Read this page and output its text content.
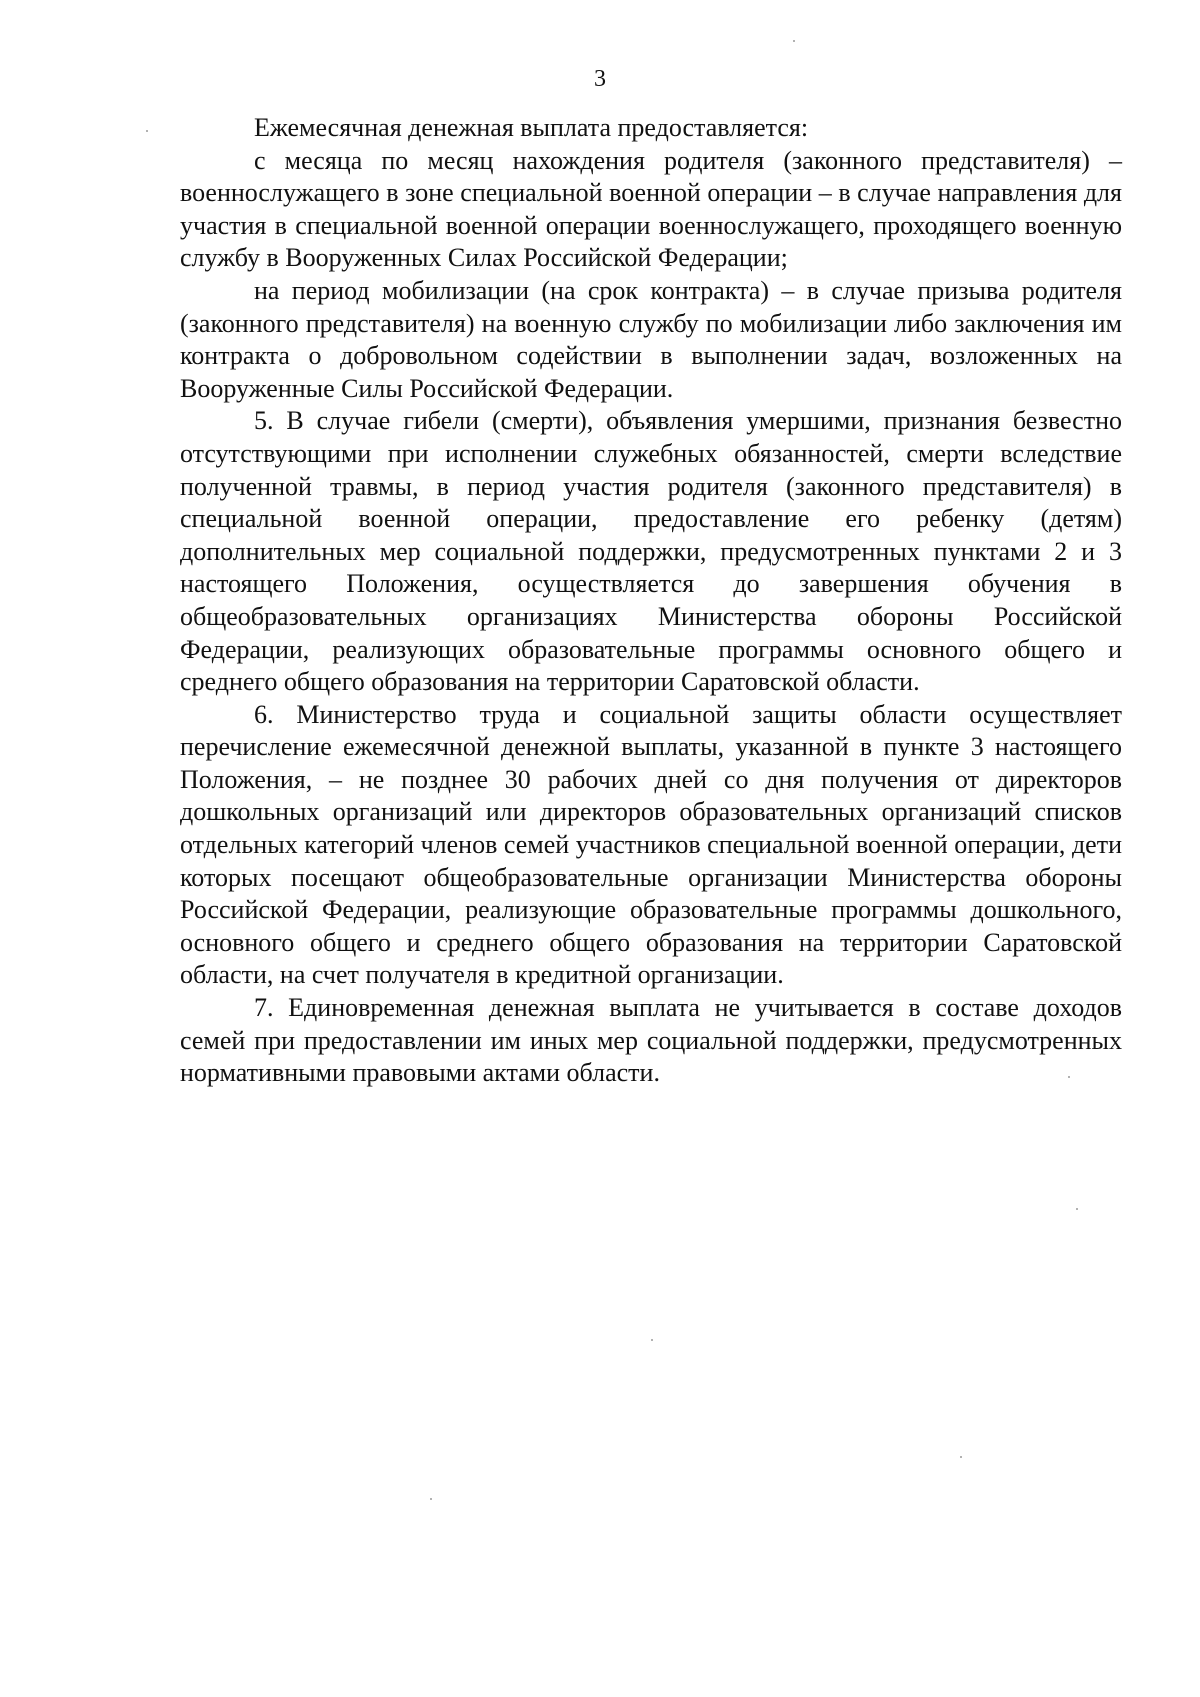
3

Ежемесячная денежная выплата предоставляется:

с месяца по месяц нахождения родителя (законного представителя) – военнослужащего в зоне специальной военной операции – в случае направления для участия в специальной военной операции военнослужащего, проходящего военную службу в Вооруженных Силах Российской Федерации;

на период мобилизации (на срок контракта) – в случае призыва родителя (законного представителя) на военную службу по мобилизации либо заключения им контракта о добровольном содействии в выполнении задач, возложенных на Вооруженные Силы Российской Федерации.

5. В случае гибели (смерти), объявления умершими, признания безвестно отсутствующими при исполнении служебных обязанностей, смерти вследствие полученной травмы, в период участия родителя (законного представителя) в специальной военной операции, предоставление его ребенку (детям) дополнительных мер социальной поддержки, предусмотренных пунктами 2 и 3 настоящего Положения, осуществляется до завершения обучения в общеобразовательных организациях Министерства обороны Российской Федерации, реализующих образовательные программы основного общего и среднего общего образования на территории Саратовской области.

6. Министерство труда и социальной защиты области осуществляет перечисление ежемесячной денежной выплаты, указанной в пункте 3 настоящего Положения, – не позднее 30 рабочих дней со дня получения от директоров дошкольных организаций или директоров образовательных организаций списков отдельных категорий членов семей участников специальной военной операции, дети которых посещают общеобразовательные организации Министерства обороны Российской Федерации, реализующие образовательные программы дошкольного, основного общего и среднего общего образования на территории Саратовской области, на счет получателя в кредитной организации.

7. Единовременная денежная выплата не учитывается в составе доходов семей при предоставлении им иных мер социальной поддержки, предусмотренных нормативными правовыми актами области.
